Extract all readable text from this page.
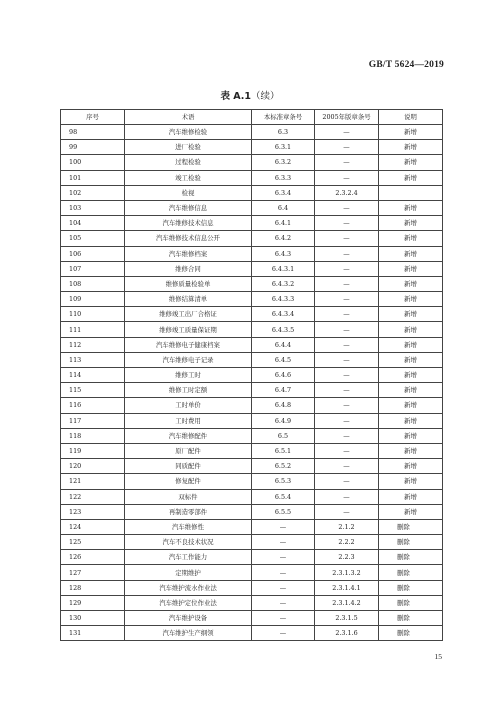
GB/T 5624—2019
表 A.1（续）
序号	术语	本标准章条号	2005年版章条号	说明
98	汽车维修检验	6.3	—	新增
99	进厂检验	6.3.1	—	新增
100	过程检验	6.3.2	—	新增
101	竣工检验	6.3.3	—	新增
102	检视	6.3.4	2.3.2.4	
103	汽车维修信息	6.4	—	新增
104	汽车维修技术信息	6.4.1	—	新增
105	汽车维修技术信息公开	6.4.2	—	新增
106	汽车维修档案	6.4.3	—	新增
107	维修合同	6.4.3.1	—	新增
108	维修质量检验单	6.4.3.2	—	新增
109	维修结算清单	6.4.3.3	—	新增
110	维修竣工出厂合格证	6.4.3.4	—	新增
111	维修竣工质量保证期	6.4.3.5	—	新增
112	汽车维修电子健康档案	6.4.4	—	新增
113	汽车维修电子记录	6.4.5	—	新增
114	维修工时	6.4.6	—	新增
115	维修工时定额	6.4.7	—	新增
116	工时单价	6.4.8	—	新增
117	工时费用	6.4.9	—	新增
118	汽车维修配件	6.5	—	新增
119	原厂配件	6.5.1	—	新增
120	同质配件	6.5.2	—	新增
121	修复配件	6.5.3	—	新增
122	双标件	6.5.4	—	新增
123	再制造零部件	6.5.5	—	新增
124	汽车维修性	—	2.1.2	删除
125	汽车不良技术状况	—	2.2.2	删除
126	汽车工作能力	—	2.2.3	删除
127	定期维护	—	2.3.1.3.2	删除
128	汽车维护流水作业法	—	2.3.1.4.1	删除
129	汽车维护定位作业法	—	2.3.1.4.2	删除
130	汽车维护设备	—	2.3.1.5	删除
131	汽车维护生产纲领	—	2.3.1.6	删除
15
